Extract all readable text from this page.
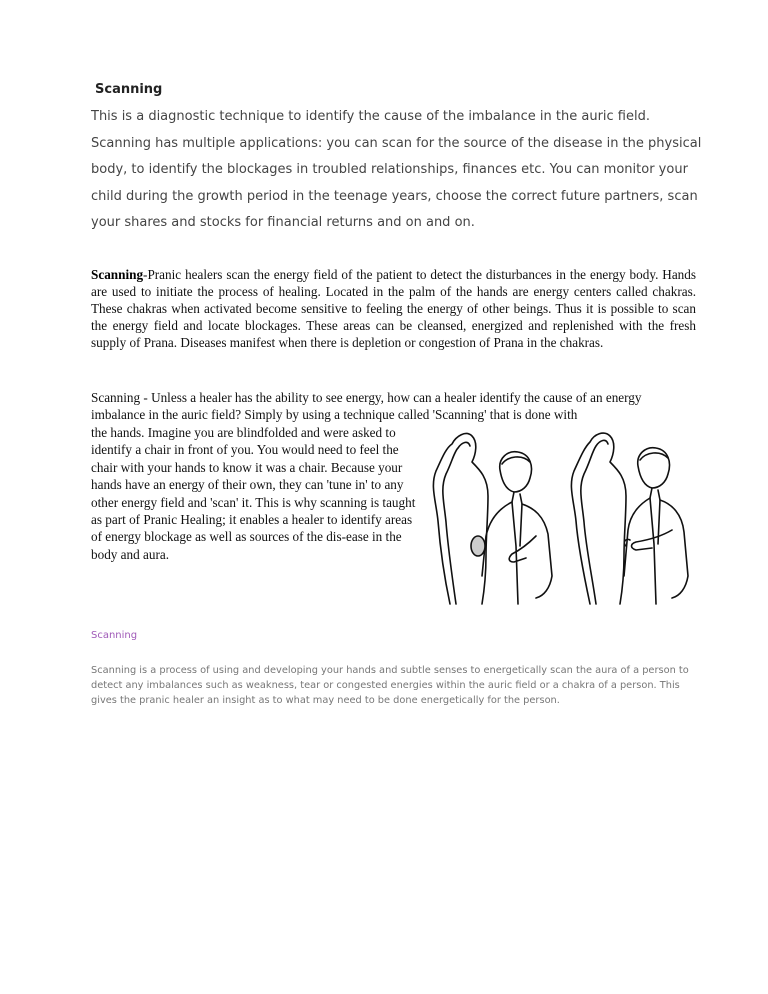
Scanning

This is a diagnostic technique to identify the cause of the imbalance in the auric field. Scanning has multiple applications: you can scan for the source of the disease in the physical body, to identify the blockages in troubled relationships, finances etc. You can monitor your child during the growth period in the teenage years, choose the correct future partners, scan your shares and stocks for financial returns and on and on.

Scanning-Pranic healers scan the energy field of the patient to detect the disturbances in the energy body. Hands are used to initiate the process of healing. Located in the palm of the hands are energy centers called chakras. These chakras when activated become sensitive to feeling the energy of other beings. Thus it is possible to scan the energy field and locate blockages. These areas can be cleansed, energized and replenished with the fresh supply of Prana. Diseases manifest when there is depletion or congestion of Prana in the chakras.

Scanning - Unless a healer has the ability to see energy, how can a healer identify the cause of an energy imbalance in the auric field? Simply by using a technique called 'Scanning' that is done with

the hands. Imagine you are blindfolded and were asked to identify a chair in front of you. You would need to feel the chair with your hands to know it was a chair. Because your hands have an energy of their own, they can 'tune in' to any other energy field and 'scan' it. This is why scanning is taught as part of Pranic Healing; it enables a healer to identify areas of energy blockage as well as sources of the dis-ease in the body and aura.

Scanning

Scanning is a process of using and developing your hands and subtle senses to energetically scan the aura of a person to detect any imbalances such as weakness, tear or congested energies within the auric field or a chakra of a person. This gives the pranic healer an insight as to what may need to be done energetically for the person.
